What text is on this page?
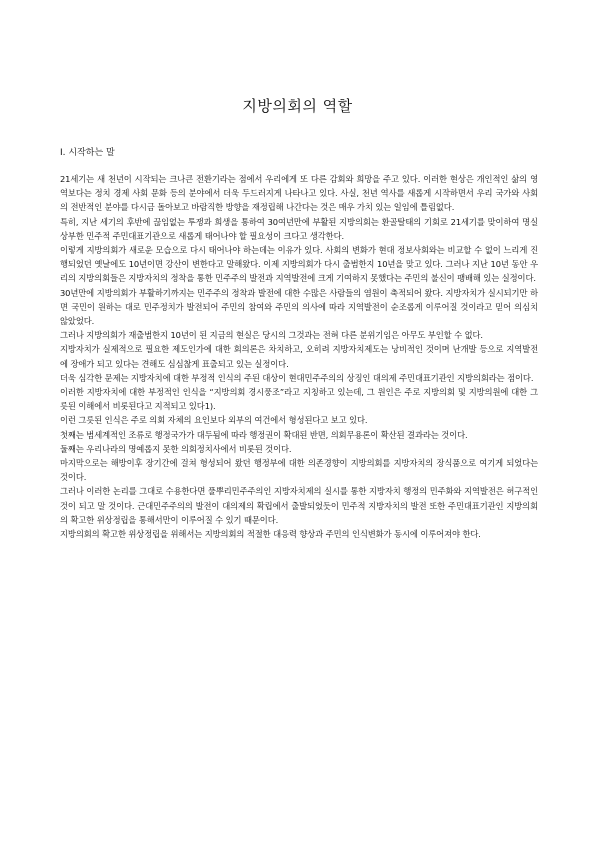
지방의회의 역할
Ⅰ. 시작하는 말

21세기는 새 천년이 시작되는 크나큰 전환기라는 점에서 우리에게 또 다른 감회와 희망을 주고 있다. 이러한 현상은 개인적인 삶의 영역보다는 정치 경제 사회 문화 등의 분야에서 더욱 두드러지게 나타나고 있다. 사실, 천년 역사를 새롭게 시작하면서 우리 국가와 사회의 전반적인 분야를 다시금 돌아보고 바람직한 방향을 재정립해 나간다는 것은 매우 가치 있는 일임에 틀림없다.

특히, 지난 세기의 후반에 끊임없는 투쟁과 희생을 통하여 30여년만에 부활된 지방의회는 환골탈태의 기회로 21세기를 맞이하여 명실상부한 민주적 주민대표기관으로 새롭게 태어나야 할 필요성이 크다고 생각한다.

이렇게 지방의회가 새로운 모습으로 다시 태어나야 하는데는 이유가 있다. 사회의 변화가 현대 정보사회와는 비교할 수 없이 느리게 진행되었던 옛날에도 10년이면 강산이 변한다고 말해왔다. 이제 지방의회가 다시 출범한지 10년을 맞고 있다. 그러나 지난 10년 동안 우리의 지방의회들은 지방자치의 정착을 통한 민주주의 발전과 지역발전에 크게 기여하지 못했다는 주민의 불신이 팽배해 있는 실정이다.

30년만에 지방의회가 부활하기까지는 민주주의 정착과 발전에 대한 수많은 사람들의 염원이 축적되어 왔다. 지방자치가 실시되기만 하면 국민이 원하는 대로 민주정치가 발전되어 주민의 참여와 주민의 의사에 따라 지역발전이 순조롭게 이루어질 것이라고 믿어 의심치 않았었다.

그러나 지방의회가 재출범한지 10년이 된 지금의 현실은 당시의 그것과는 전혀 다른 분위기임은 아무도 부인할 수 없다.

지방자치가 실제적으로 필요한 제도인가에 대한 회의론은 차치하고, 오히려 지방자치제도는 낭비적인 것이며 난개발 등으로 지역발전에 장애가 되고 있다는 견해도 심심찮게 표출되고 있는 실정이다.

더욱 심각한 문제는 지방자치에 대한 부정적 인식의 주된 대상이 현대민주주의의 상징인 대의제 주민대표기관인 지방의회라는 점이다.

이러한 지방자치에 대한 부정적인 인식을 “지방의회 경시풍조”라고 지칭하고 있는데, 그 원인은 주로 지방의회 및 지방의원에 대한 그릇된 이해에서 비롯된다고 지적되고 있다1).

이런 그릇된 인식은 주로 의회 자체의 요인보다 외부의 여건에서 형성된다고 보고 있다.

첫째는 범세계적인 조류로 행정국가가 대두됨에 따라 행정권이 확대된 반면, 의회무용론이 확산된 결과라는 것이다.

둘째는 우리나라의 명예롭지 못한 의회정치사에서 비롯된 것이다.

마지막으로는 해방이후 장기간에 걸쳐 형성되어 왔던 행정부에 대한 의존경향이 지방의회를 지방자치의 장식품으로 여기게 되었다는 것이다.

그러나 이러한 논리를 그대로 수용한다면 풀뿌리민주주의인 지방자치제의 실시를 통한 지방자치 행정의 민주화와 지역발전은 허구적인 것이 되고 말 것이다. 근대민주주의의 발전이 대의제의 확립에서 출발되었듯이 민주적 지방자치의 발전 또한 주민대표기관인 지방의회의 확고한 위상정립을 통해서만이 이루어질 수 있기 때문이다.

지방의회의 확고한 위상정립을 위해서는 지방의회의 적절한 대응력 향상과 주민의 인식변화가 동시에 이루어져야 한다.
